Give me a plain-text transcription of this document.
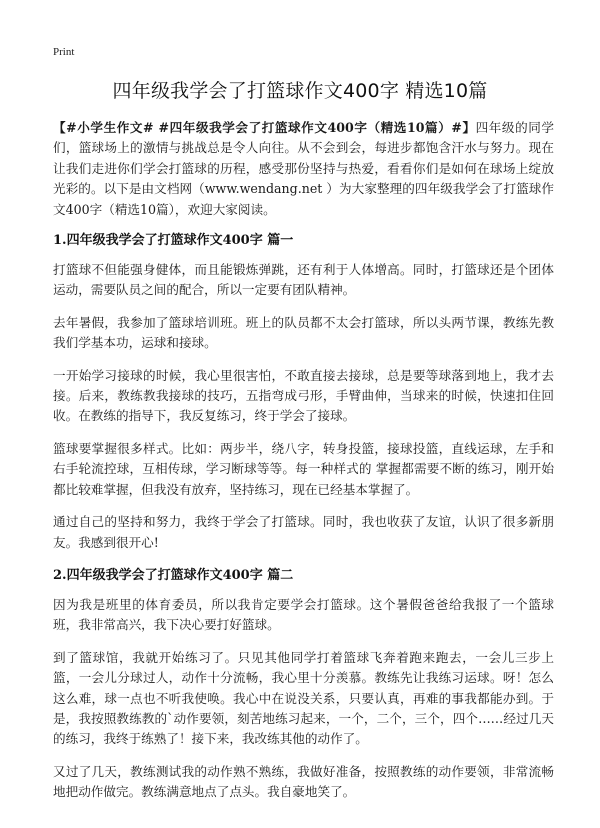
Print
四年级我学会了打篮球作文400字 精选10篇

【#小学生作文# #四年级我学会了打篮球作文400字（精选10篇）#】四年级的同学们，篮球场上的激情与挑战总是令人向往。从不会到会，每进步都饱含汗水与努力。现在让我们走进你们学会打篮球的历程，感受那份坚持与热爱，看看你们是如何在球场上绽放光彩的。以下是由文档网（www.wendang.net ）为大家整理的四年级我学会了打篮球作文400字（精选10篇），欢迎大家阅读。

1.四年级我学会了打篮球作文400字 篇一

打篮球不但能强身健体，而且能锻炼弹跳，还有利于人体增高。同时，打篮球还是个团体运动，需要队员之间的配合，所以一定要有团队精神。

去年暑假，我参加了篮球培训班。班上的队员都不太会打篮球，所以头两节课，教练先教我们学基本功，运球和接球。

一开始学习接球的时候，我心里很害怕，不敢直接去接球，总是要等球落到地上，我才去接。后来，教练教我接球的技巧，五指弯成弓形，手臂曲伸，当球来的时候，快速扣住回收。在教练的指导下，我反复练习，终于学会了接球。

篮球要掌握很多样式。比如：两步半，绕八字，转身投篮，接球投篮，直线运球，左手和右手轮流控球，互相传球，学习断球等等。每一种样式的 掌握都需要不断的练习，刚开始都比较难掌握，但我没有放弃，坚持练习，现在已经基本掌握了。

通过自己的坚持和努力，我终于学会了打篮球。同时，我也收获了友谊，认识了很多新朋友。我感到很开心!

2.四年级我学会了打篮球作文400字 篇二

因为我是班里的体育委员，所以我肯定要学会打篮球。这个暑假爸爸给我报了一个篮球班，我非常高兴，我下决心要打好篮球。

到了篮球馆，我就开始练习了。只见其他同学打着篮球飞奔着跑来跑去，一会儿三步上篮，一会儿分球过人，动作十分流畅，我心里十分羡慕。教练先让我练习运球。呀！怎么这么难，球一点也不听我使唤。我心中在说没关系，只要认真，再难的事我都能办到。于是，我按照教练教的`动作要领，刻苦地练习起来，一个，二个，三个，四个……经过几天的练习，我终于练熟了！接下来，我改练其他的动作了。

又过了几天，教练测试我的动作熟不熟练，我做好准备，按照教练的动作要领，非常流畅地把动作做完。教练满意地点了点头。我自豪地笑了。
